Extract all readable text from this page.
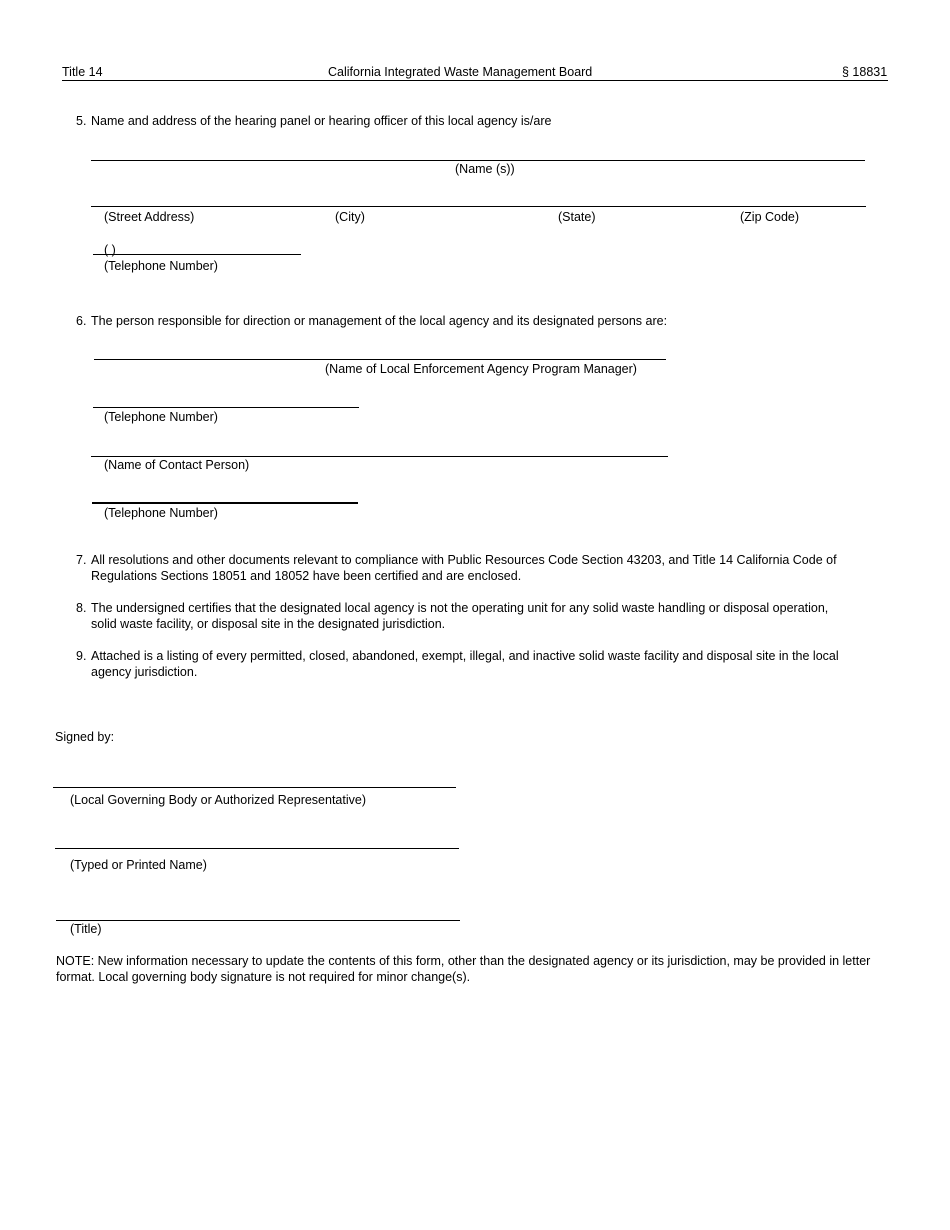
Title 14	California Integrated Waste Management Board	§ 18831
5. Name and address of the hearing panel or hearing officer of this local agency is/are
(Name (s))
(Street Address)	(City)	(State)	(Zip Code)
( )
(Telephone Number)
6. The person responsible for direction or management of the local agency and its designated persons are:
(Name of Local Enforcement Agency Program Manager)
(Telephone Number)
(Name of Contact Person)
(Telephone Number)
7. All resolutions and other documents relevant to compliance with Public Resources Code Section 43203, and Title 14 California Code of
Regulations Sections 18051 and 18052 have been certified and are enclosed.
8. The undersigned certifies that the designated local agency is not the operating unit for any solid waste handling or disposal operation,
solid waste facility, or disposal site in the designated jurisdiction.
9. Attached is a listing of every permitted, closed, abandoned, exempt, illegal, and inactive solid waste facility and disposal site in the local
agency jurisdiction.
Signed by:
(Local Governing Body or Authorized Representative)
(Typed or Printed Name)
(Title)
NOTE: New information necessary to update the contents of this form, other than the designated agency or its jurisdiction, may be provided in letter
format. Local governing body signature is not required for minor change(s).
